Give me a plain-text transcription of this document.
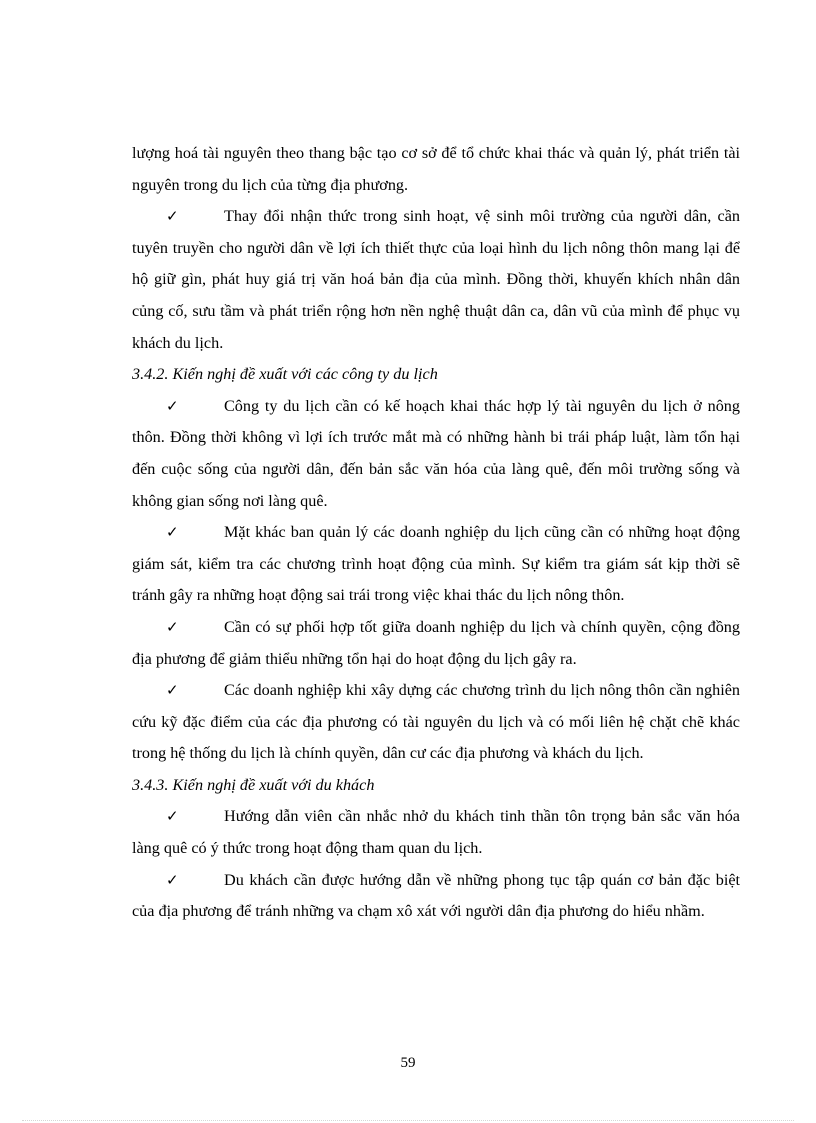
lượng hoá tài nguyên theo thang bậc tạo cơ sở để tổ chức khai thác và quản lý, phát triển tài nguyên trong du lịch của từng địa phương.

✓	Thay đổi nhận thức trong sinh hoạt, vệ sinh môi trường của người dân, cần tuyên truyền cho người dân về lợi ích thiết thực của loại hình du lịch nông thôn mang lại để hộ giữ gìn, phát huy giá trị văn hoá bản địa của mình. Đồng thời, khuyến khích nhân dân củng cố, sưu tầm và phát triển rộng hơn nền nghệ thuật dân ca, dân vũ của mình để phục vụ khách du lịch.

3.4.2. Kiến nghị đề xuất với các công ty du lịch

✓	Công ty du lịch cần có kế hoạch khai thác hợp lý tài nguyên du lịch ở nông thôn. Đồng thời không vì lợi ích trước mắt mà có những hành bi trái pháp luật, làm tổn hại đến cuộc sống của người dân, đến bản sắc văn hóa của làng quê, đến môi trường sống và không gian sống nơi làng quê.

✓	Mặt khác ban quản lý các doanh nghiệp du lịch cũng cần có những hoạt động giám sát, kiểm tra các chương trình hoạt động của mình. Sự kiểm tra giám sát kịp thời sẽ tránh gây ra những hoạt động sai trái trong việc khai thác du lịch nông thôn.

✓	Cần có sự phối hợp tốt giữa doanh nghiệp du lịch và chính quyền, cộng đồng địa phương để giảm thiểu những tổn hại do hoạt động du lịch gây ra.

✓	Các doanh nghiệp khi xây dựng các chương trình du lịch nông thôn cần nghiên cứu kỹ đặc điểm của các địa phương có tài nguyên du lịch và có mối liên hệ chặt chẽ khác trong hệ thống du lịch là chính quyền, dân cư các địa phương và khách du lịch.

3.4.3. Kiến nghị đề xuất với du khách

✓	Hướng dẫn viên cần nhắc nhở du khách tinh thần tôn trọng bản sắc văn hóa làng quê có ý thức trong hoạt động tham quan du lịch.

✓	Du khách cần được hướng dẫn về những phong tục tập quán cơ bản đặc biệt của địa phương để tránh những va chạm xô xát với người dân địa phương do hiểu nhầm.

59
